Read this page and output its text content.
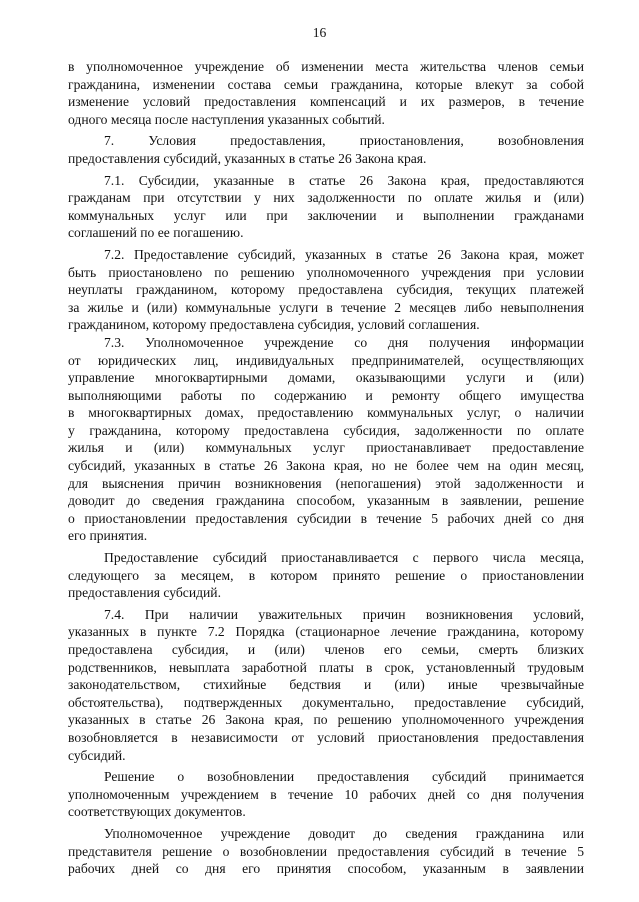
16
в уполномоченное учреждение об изменении места жительства членов семьи
гражданина, изменении состава семьи гражданина, которые влекут за собой
изменение условий предоставления компенсаций и их размеров, в течение
одного месяца после наступления указанных событий.
7. Условия предоставления, приостановления, возобновления
предоставления субсидий, указанных в статье 26 Закона края.
7.1. Субсидии, указанные в статье 26 Закона края, предоставляются
гражданам при отсутствии у них задолженности по оплате жилья и (или)
коммунальных услуг или при заключении и выполнении гражданами
соглашений по ее погашению.
7.2. Предоставление субсидий, указанных в статье 26 Закона края, может
быть приостановлено по решению уполномоченного учреждения при условии
неуплаты гражданином, которому предоставлена субсидия, текущих платежей
за жилье и (или) коммунальные услуги в течение 2 месяцев либо невыполнения
гражданином, которому предоставлена субсидия, условий соглашения.
7.3. Уполномоченное учреждение со дня получения информации
от юридических лиц, индивидуальных предпринимателей, осуществляющих
управление многоквартирными домами, оказывающими услуги и (или)
выполняющими работы по содержанию и ремонту общего имущества
в многоквартирных домах, предоставлению коммунальных услуг, о наличии
у гражданина, которому предоставлена субсидия, задолженности по оплате
жилья и (или) коммунальных услуг приостанавливает предоставление
субсидий, указанных в статье 26 Закона края, но не более чем на один месяц,
для выяснения причин возникновения (непогашения) этой задолженности и
доводит до сведения гражданина способом, указанным в заявлении, решение
о приостановлении предоставления субсидии в течение 5 рабочих дней со дня
его принятия.
Предоставление субсидий приостанавливается с первого числа месяца,
следующего за месяцем, в котором принято решение о приостановлении
предоставления субсидий.
7.4. При наличии уважительных причин возникновения условий,
указанных в пункте 7.2 Порядка (стационарное лечение гражданина, которому
предоставлена субсидия, и (или) членов его семьи, смерть близких
родственников, невыплата заработной платы в срок, установленный трудовым
законодательством, стихийные бедствия и (или) иные чрезвычайные
обстоятельства), подтвержденных документально, предоставление субсидий,
указанных в статье 26 Закона края, по решению уполномоченного учреждения
возобновляется в независимости от условий приостановления предоставления
субсидий.
Решение о возобновлении предоставления субсидий принимается
уполномоченным учреждением в течение 10 рабочих дней со дня получения
соответствующих документов.
Уполномоченное учреждение доводит до сведения гражданина или
представителя решение о возобновлении предоставления субсидий в течение 5
рабочих дней со дня его принятия способом, указанным в заявлении
